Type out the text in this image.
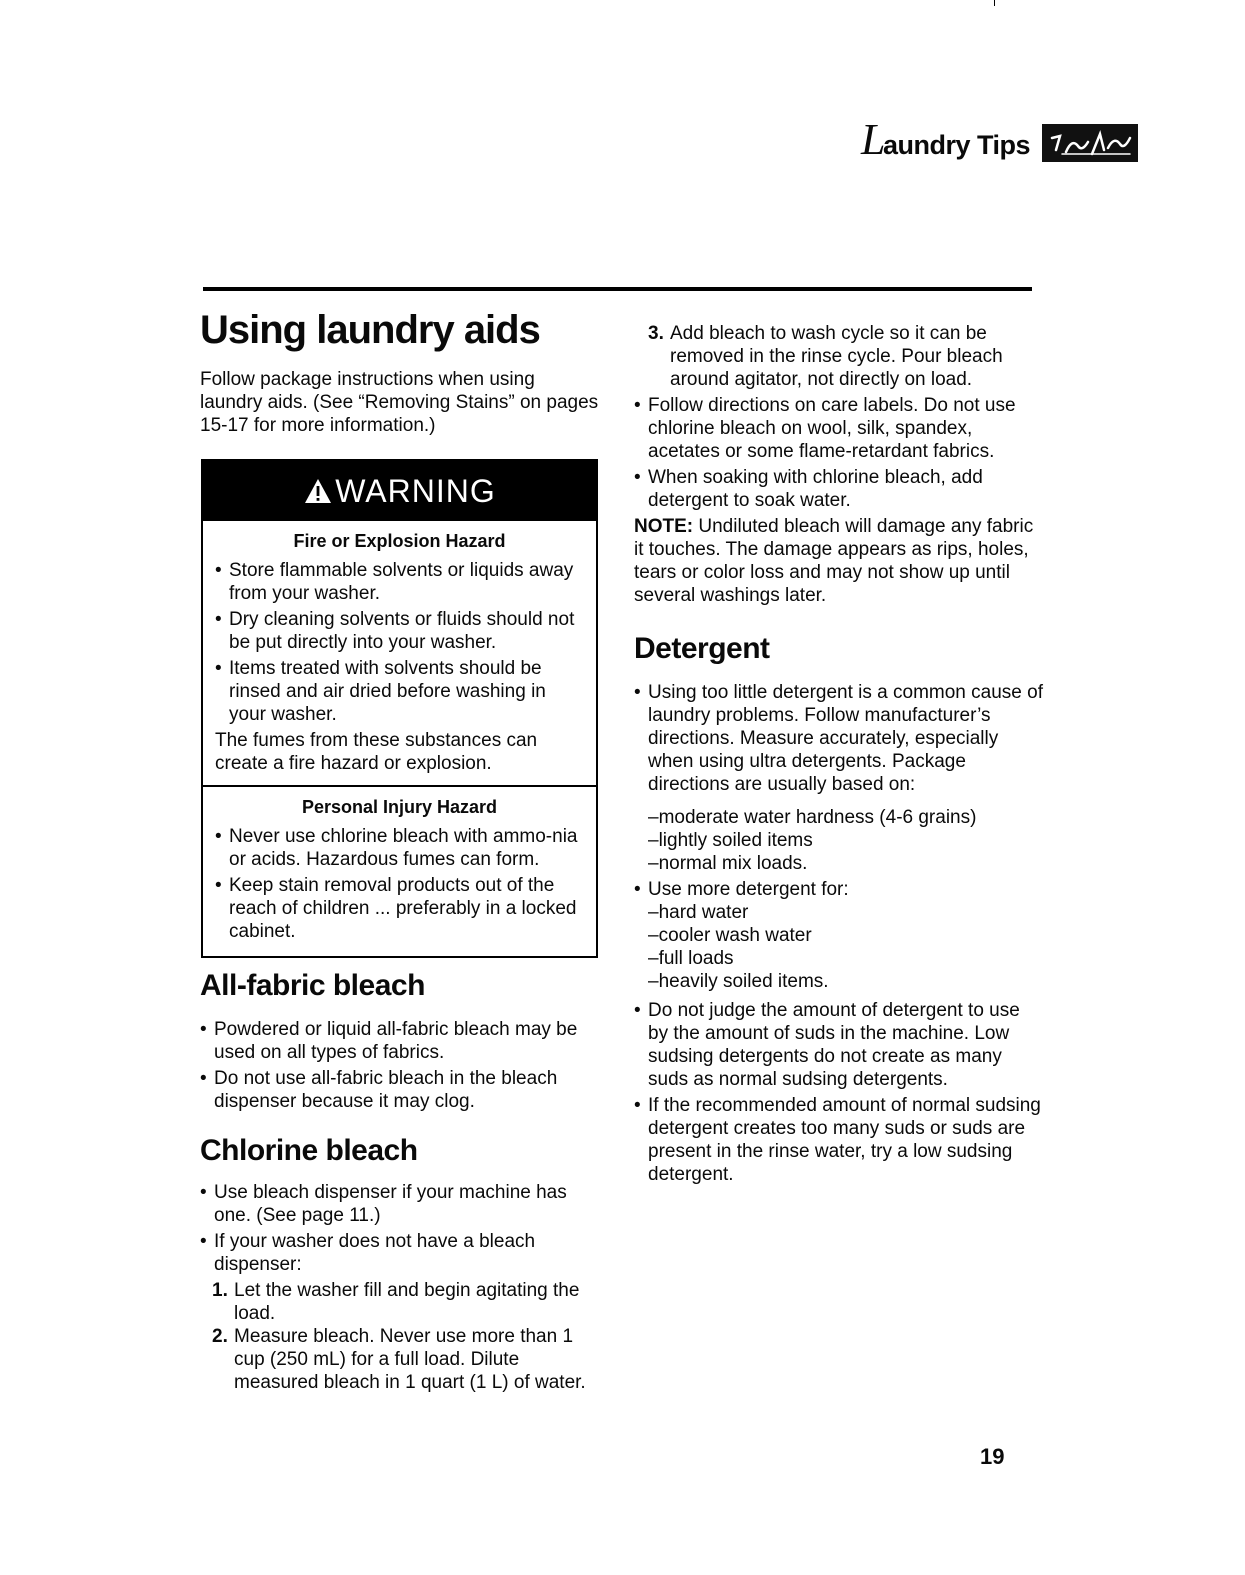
Laundry Tips
Using laundry aids

Follow package instructions when using laundry aids. (See “Removing Stains” on pages 15-17 for more information.)

WARNING

Fire or Explosion Hazard

• Store flammable solvents or liquids away from your washer.

• Dry cleaning solvents or fluids should not be put directly into your washer.

• Items treated with solvents should be rinsed and air dried before washing in your washer.

The fumes from these substances can create a fire hazard or explosion.

Personal Injury Hazard

• Never use chlorine bleach with ammo-nia or acids. Hazardous fumes can form.

• Keep stain removal products out of the reach of children ... preferably in a locked cabinet.

All-fabric bleach

• Powdered or liquid all-fabric bleach may be used on all types of fabrics.

• Do not use all-fabric bleach in the bleach dispenser because it may clog.

Chlorine bleach

• Use bleach dispenser if your machine has one. (See page 11.)

• If your washer does not have a bleach dispenser:

1. Let the washer fill and begin agitating the load.

2. Measure bleach. Never use more than 1 cup (250 mL) for a full load. Dilute measured bleach in 1 quart (1 L) of water.

3. Add bleach to wash cycle so it can be removed in the rinse cycle. Pour bleach around agitator, not directly on load.

• Follow directions on care labels. Do not use chlorine bleach on wool, silk, spandex, acetates or some flame-retardant fabrics.

• When soaking with chlorine bleach, add detergent to soak water.

NOTE: Undiluted bleach will damage any fabric it touches. The damage appears as rips, holes, tears or color loss and may not show up until several washings later.

Detergent

• Using too little detergent is a common cause of laundry problems. Follow manufacturer’s directions. Measure accurately, especially when using ultra detergents. Package directions are usually based on:

–moderate water hardness (4-6 grains)

–lightly soiled items

–normal mix loads.

• Use more detergent for:

–hard water

–cooler wash water

–full loads

–heavily soiled items.

• Do not judge the amount of detergent to use by the amount of suds in the machine. Low sudsing detergents do not create as many suds as normal sudsing detergents.

• If the recommended amount of normal sudsing detergent creates too many suds or suds are present in the rinse water, try a low sudsing detergent.

19
